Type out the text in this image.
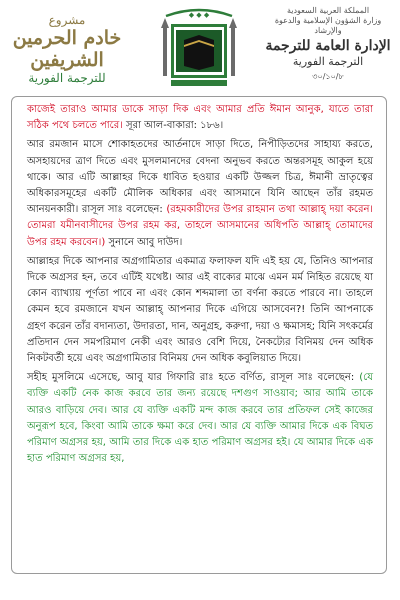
مشروع
خادم الحرمين الشريفين
للترجمة الفورية
◆ ◆ ◆	المملكة العربية السعودية
وزارة الشؤون الإسلامية والدعوة والإرشاد
الإدارة العامة للترجمة
الترجمة الفورية
৩০/১০/৮

কাজেই তারাও আমার ডাকে সাড়া দিক এবং আমার প্রতি ঈমান আনুক, যাতে তারা সঠিক পথে চলতে পারে। সূরা আল-বাকারা: ১৮৬।

আর রমজান মাসে শোকাহতদের আর্তনাদে সাড়া দিতে, নিপীড়িতদের সাহায্য করতে, অসহায়দের ত্রাণ দিতে এবং মুসলমানদের বেদনা অনুভব করতে অন্তরসমূহ আকুল হয়ে থাকে। আর এটি আল্লাহর দিকে ধাবিত হওয়ার একটি উজ্জল চিত্র, ঈমানী ভ্রাতৃত্বের অধিকারসমূহের একটি মৌলিক অধিকার এবং আসমানে যিনি আছেন তাঁর রহমত আনয়নকারী। রাসূল সাঃ বলেছেন: (রহমকারীদের উপর রাহমান তথা আল্লাহ্ দয়া করেন। তোমরা যমীনবাসীদের উপর রহম কর, তাহলে আসমানের অধিপতি আল্লাহ্ তোমাদের উপর রহম করবেন।) সুনানে আবু দাউদ।

আল্লাহর দিকে আপনার অগ্রগামিতার একমাত্র ফলাফল যদি এই হয় যে, তিনিও আপনার দিকে অগ্রসর হন, তবে এটিই যথেষ্ট। আর এই বাক্যের মাঝে এমন মর্ম নিহিত রয়েছে যা কোন ব্যাখ্যায় পূর্ণতা পাবে না এবং কোন শব্দমালা তা বর্ণনা করতে পারবে না। তাহলে কেমন হবে রমজানে যখন আল্লাহ্ আপনার দিকে এগিয়ে আসবেন?! তিনি আপনাকে গ্রহণ করেন তাঁর বদান্যতা, উদারতা, দান, অনুগ্রহ, করুণা, দয়া ও ক্ষমাসহ; যিনি সৎকর্মের প্রতিদান দেন সমপরিমাণ নেকী এবং আরও বেশি দিয়ে, নৈকট্যের বিনিময় দেন অধিক নিকটবর্তী হয়ে এবং অগ্রগামিতার বিনিময় দেন অধিক কবুলিয়াত দিয়ে।

সহীহ মুসলিমে এসেছে, আবু যার গিফারি রাঃ হতে বর্ণিত, রাসূল সাঃ বলেছেন: (যে ব্যক্তি একটি নেক কাজ করবে তার জন্য রয়েছে দশগুণ সাওয়াব; আর আমি তাকে আরও বাড়িয়ে দেব। আর যে ব্যক্তি একটি মন্দ কাজ করবে তার প্রতিফল সেই কাজের অনুরূপ হবে, কিংবা আমি তাকে ক্ষমা করে দেব। আর যে ব্যক্তি আমার দিকে এক বিঘত পরিমাণ অগ্রসর হয়, আমি তার দিকে এক হাত পরিমাণ অগ্রসর হই। যে আমার দিকে এক হাত পরিমাণ অগ্রসর হয়,
